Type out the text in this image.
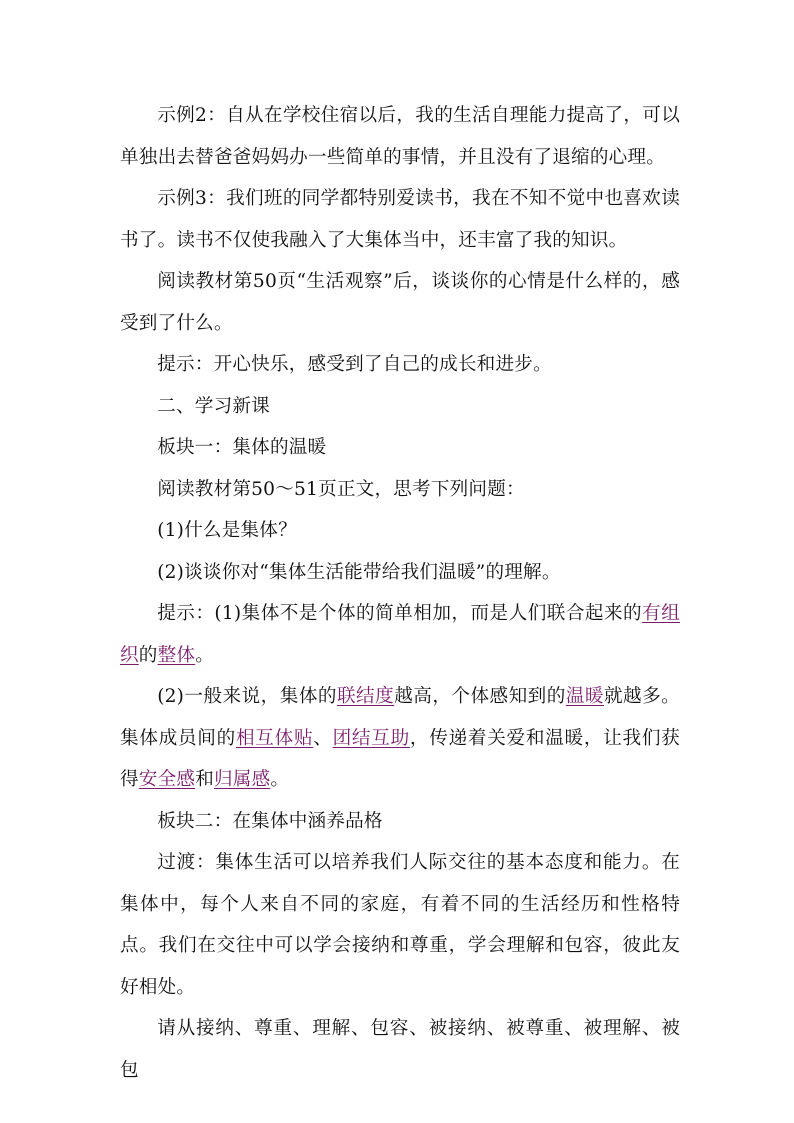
示例2：自从在学校住宿以后，我的生活自理能力提高了，可以单独出去替爸爸妈妈办一些简单的事情，并且没有了退缩的心理。

示例3：我们班的同学都特别爱读书，我在不知不觉中也喜欢读书了。读书不仅使我融入了大集体当中，还丰富了我的知识。

阅读教材第50页“生活观察”后，谈谈你的心情是什么样的，感受到了什么。

提示：开心快乐，感受到了自己的成长和进步。

二、学习新课

板块一：集体的温暖

阅读教材第50～51页正文，思考下列问题：

(1)什么是集体？

(2)谈谈你对“集体生活能带给我们温暖”的理解。

提示：(1)集体不是个体的简单相加，而是人们联合起来的有组织的整体。

(2)一般来说，集体的联结度越高，个体感知到的温暖就越多。集体成员间的相互体贴、团结互助，传递着关爱和温暖，让我们获得安全感和归属感。

板块二：在集体中涵养品格

过渡：集体生活可以培养我们人际交往的基本态度和能力。在集体中，每个人来自不同的家庭，有着不同的生活经历和性格特点。我们在交往中可以学会接纳和尊重，学会理解和包容，彼此友好相处。

请从接纳、尊重、理解、包容、被接纳、被尊重、被理解、被包
